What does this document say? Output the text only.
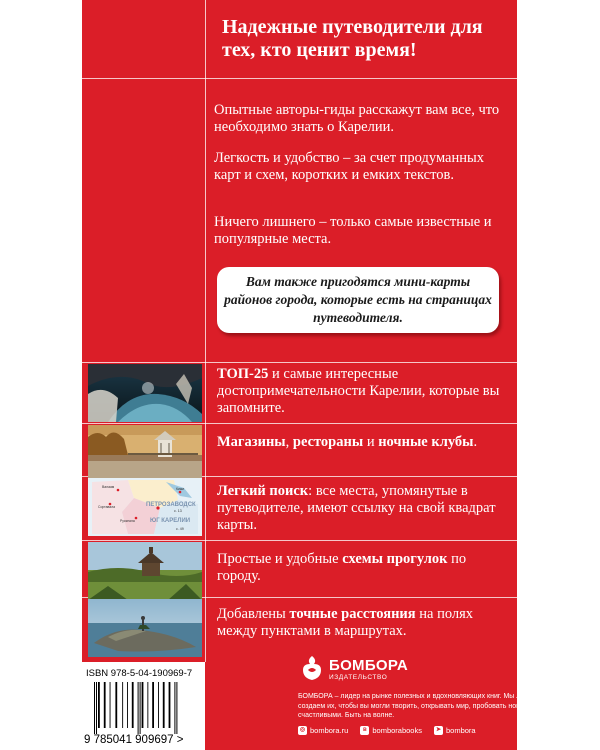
Надежные путеводители для тех, кто ценит время!
Опытные авторы-гиды расскажут вам все, что необходимо знать о Карелии.
Легкость и удобство – за счет продуманных карт и схем, коротких и емких текстов.
Ничего лишнего – только самые известные и популярные места.
Вам также пригодятся мини-карты районов города, которые есть на страницах путеводителя.
ПЕТРОЗАВОДСК
ЮГ КАРЕЛИИ
Кижи
Валаам
Сортавала
Рускеала
с. 13
с. 49
ТОП-25 и самые интересные достопримечательности Карелии, которые вы запомните.
Магазины, рестораны и ночные клубы.
Легкий поиск: все места, упомянутые в путеводителе, имеют ссылку на свой квадрат карты.
Простые и удобные схемы прогулок по городу.
Добавлены точные расстояния на полях между пунктами в маршрутах.
БОМБОРА
ИЗДАТЕЛЬСТВО
БОМБОРА – лидер на рынке полезных и вдохновляющих книг. Мы любим книги и создаем их, чтобы вы могли творить, открывать мир, пробовать новое, расти. Быть счастливыми. Быть на волне.
◎ bombora.ru	в bomborabooks	➤ bombora
ISBN 978-5-04-190969-7
9 785041 909697 >
